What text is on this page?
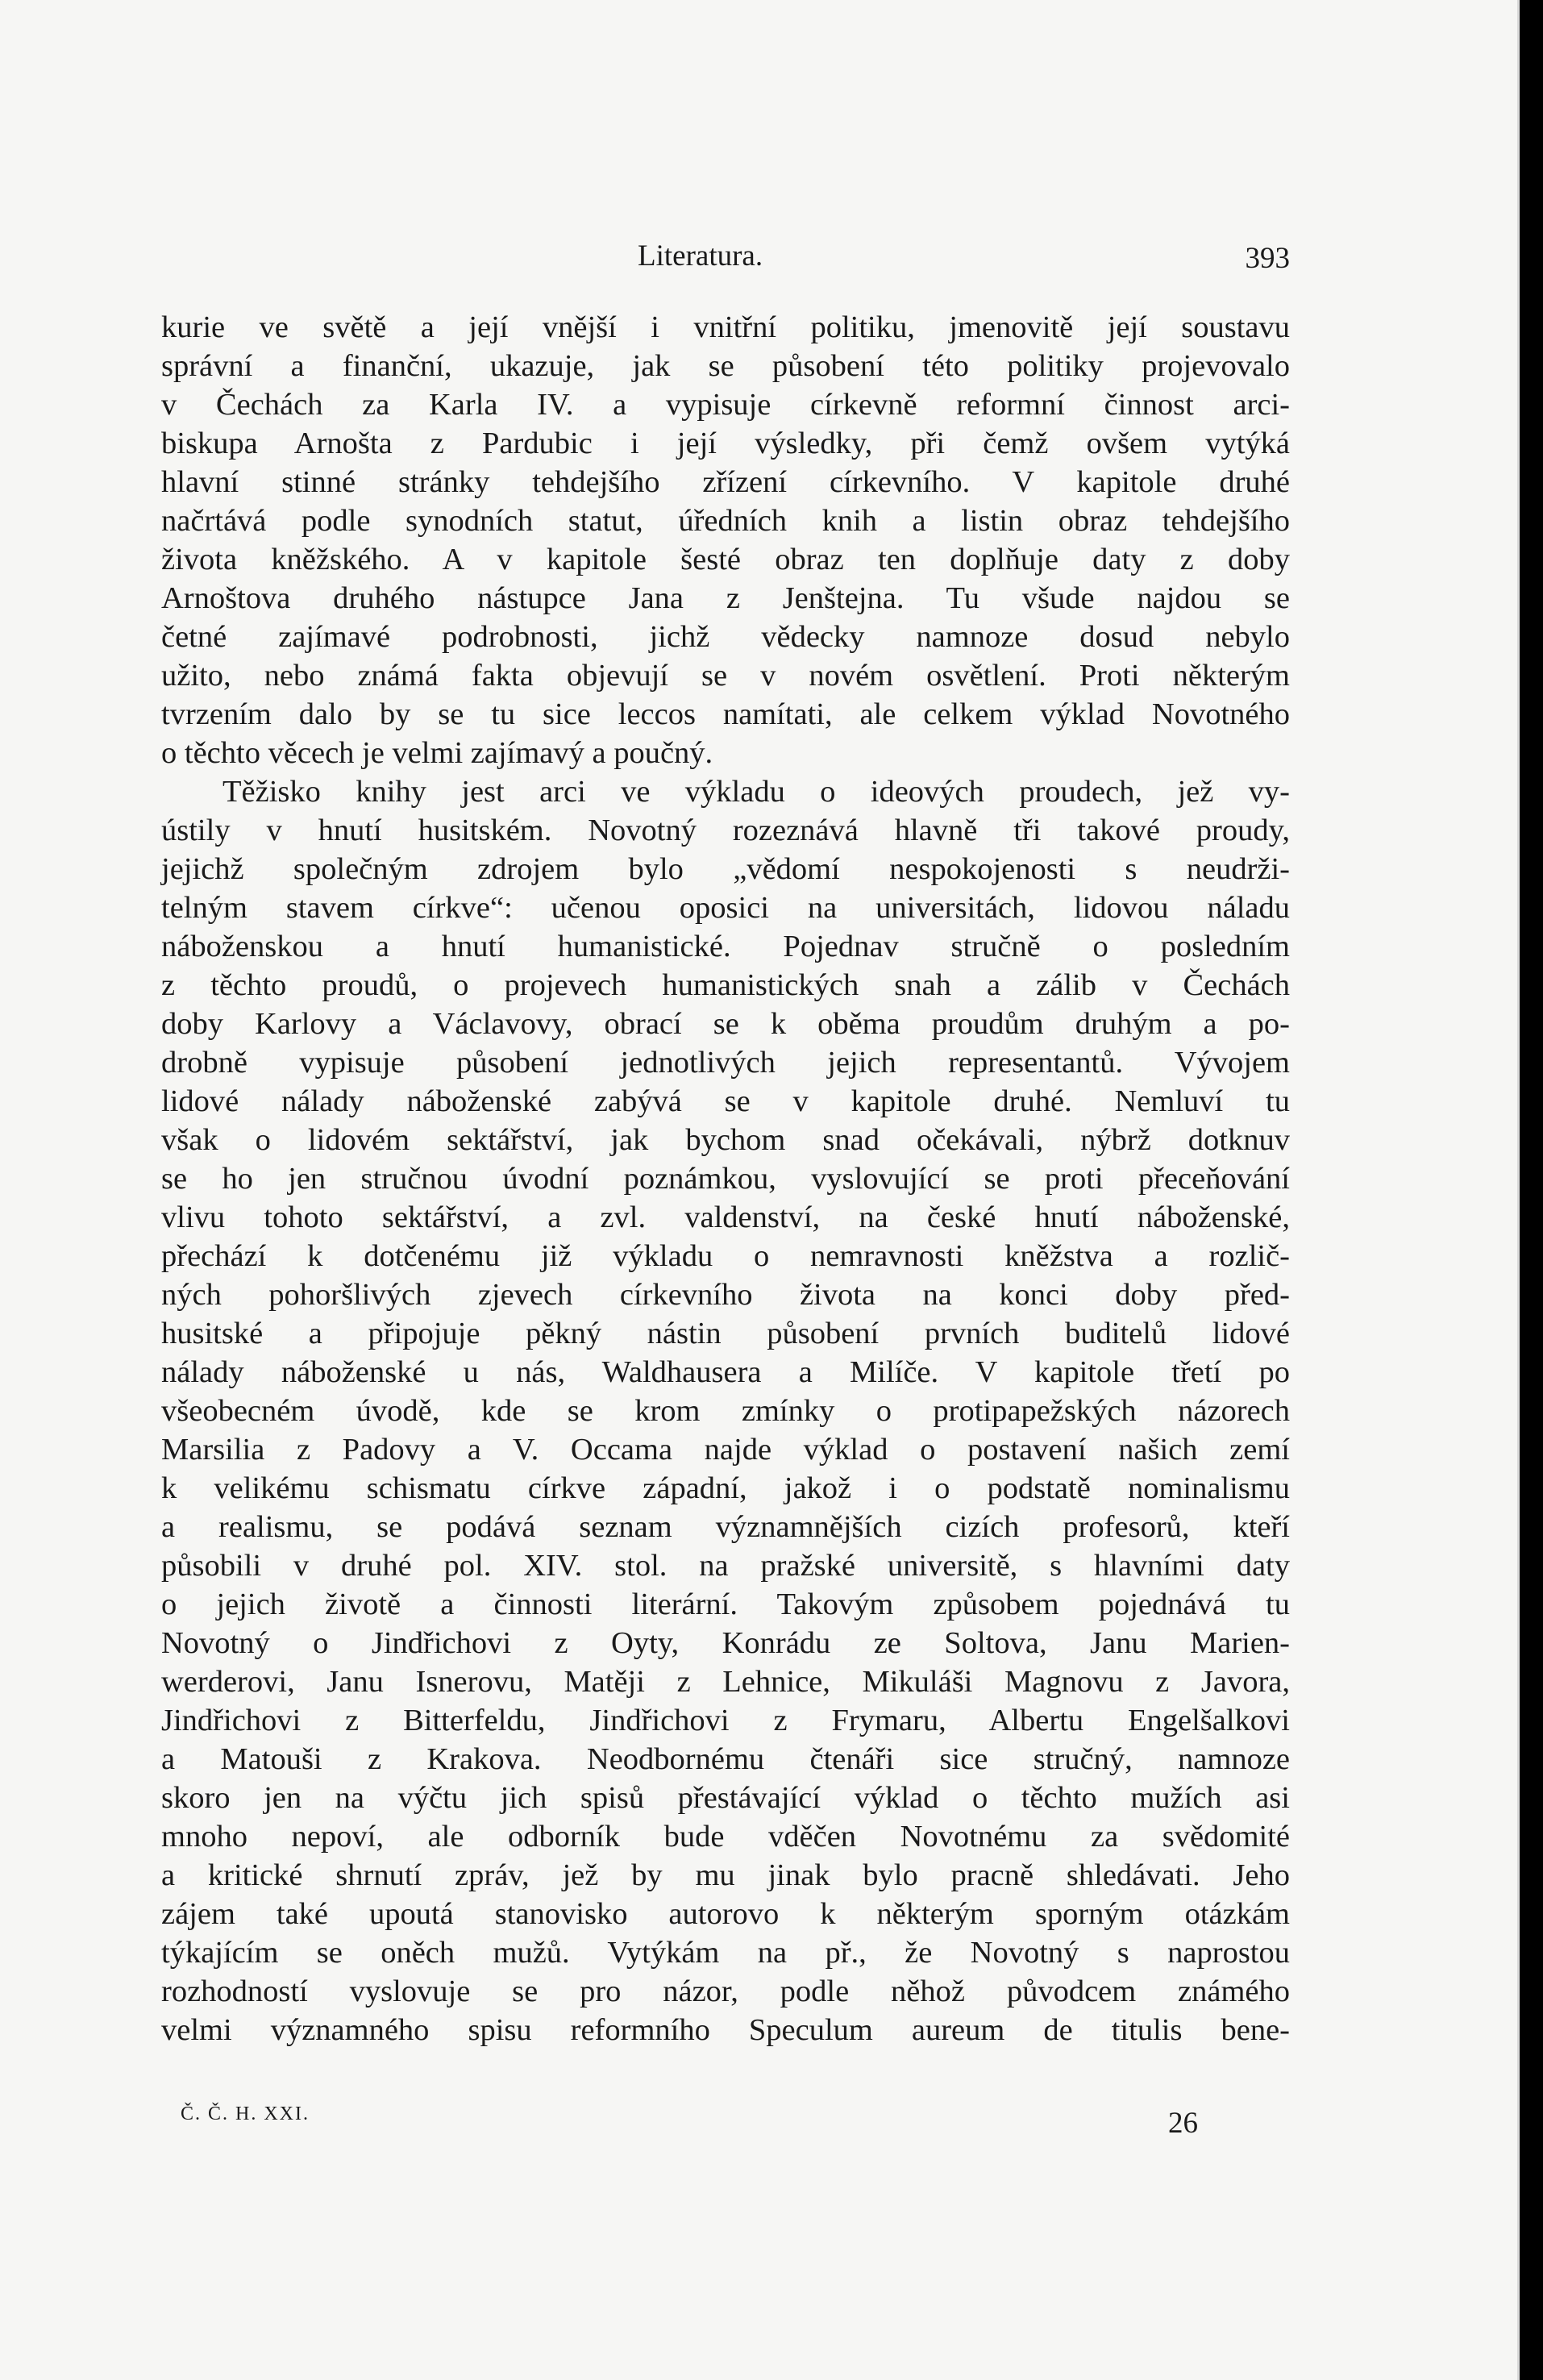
Literatura.	393
kurie ve světě a její vnější i vnitřní politiku, jmenovitě její soustavu
správní a finanční, ukazuje, jak se působení této politiky projevovalo
v Čechách za Karla IV. a vypisuje církevně reformní činnost arci-
biskupa Arnošta z Pardubic i její výsledky, při čemž ovšem vytýká
hlavní stinné stránky tehdejšího zřízení církevního. V kapitole druhé
načrtává podle synodních statut, úředních knih a listin obraz tehdejšího
života kněžského. A v kapitole šesté obraz ten doplňuje daty z doby
Arnoštova druhého nástupce Jana z Jenštejna. Tu všude najdou se
četné zajímavé podrobnosti, jichž vědecky namnoze dosud nebylo
užito, nebo známá fakta objevují se v novém osvětlení. Proti některým
tvrzením dalo by se tu sice leccos namítati, ale celkem výklad Novotného
o těchto věcech je velmi zajímavý a poučný.
Těžisko knihy jest arci ve výkladu o ideových proudech, jež vy-
ústily v hnutí husitském. Novotný rozeznává hlavně tři takové proudy,
jejichž společným zdrojem bylo „vědomí nespokojenosti s neudrži-
telným stavem církve“: učenou oposici na universitách, lidovou náladu
náboženskou a hnutí humanistické. Pojednav stručně o posledním
z těchto proudů, o projevech humanistických snah a zálib v Čechách
doby Karlovy a Václavovy, obrací se k oběma proudům druhým a po-
drobně vypisuje působení jednotlivých jejich representantů. Vývojem
lidové nálady náboženské zabývá se v kapitole druhé. Nemluví tu
však o lidovém sektářství, jak bychom snad očekávali, nýbrž dotknuv
se ho jen stručnou úvodní poznámkou, vyslovující se proti přeceňování
vlivu tohoto sektářství, a zvl. valdenství, na české hnutí náboženské,
přechází k dotčenému již výkladu o nemravnosti kněžstva a rozlič-
ných pohoršlivých zjevech církevního života na konci doby před-
husitské a připojuje pěkný nástin působení prvních buditelů lidové
nálady náboženské u nás, Waldhausera a Milíče. V kapitole třetí po
všeobecném úvodě, kde se krom zmínky o protipapežských názorech
Marsilia z Padovy a V. Occama najde výklad o postavení našich zemí
k velikému schismatu církve západní, jakož i o podstatě nominalismu
a realismu, se podává seznam významnějších cizích profesorů, kteří
působili v druhé pol. XIV. stol. na pražské universitě, s hlavními daty
o jejich životě a činnosti literární. Takovým způsobem pojednává tu
Novotný o Jindřichovi z Oyty, Konrádu ze Soltova, Janu Marien-
werderovi, Janu Isnerovu, Matěji z Lehnice, Mikuláši Magnovu z Javora,
Jindřichovi z Bitterfeldu, Jindřichovi z Frymaru, Albertu Engelšalkovi
a Matouši z Krakova. Neodbornému čtenáři sice stručný, namnoze
skoro jen na výčtu jich spisů přestávající výklad o těchto mužích asi
mnoho nepoví, ale odborník bude vděčen Novotnému za svědomité
a kritické shrnutí zpráv, jež by mu jinak bylo pracně shledávati. Jeho
zájem také upoutá stanovisko autorovo k některým sporným otázkám
týkajícím se oněch mužů. Vytýkám na př., že Novotný s naprostou
rozhodností vyslovuje se pro názor, podle něhož původcem známého
velmi významného spisu reformního Speculum aureum de titulis bene-
Č. Č. H. XXI.	26
